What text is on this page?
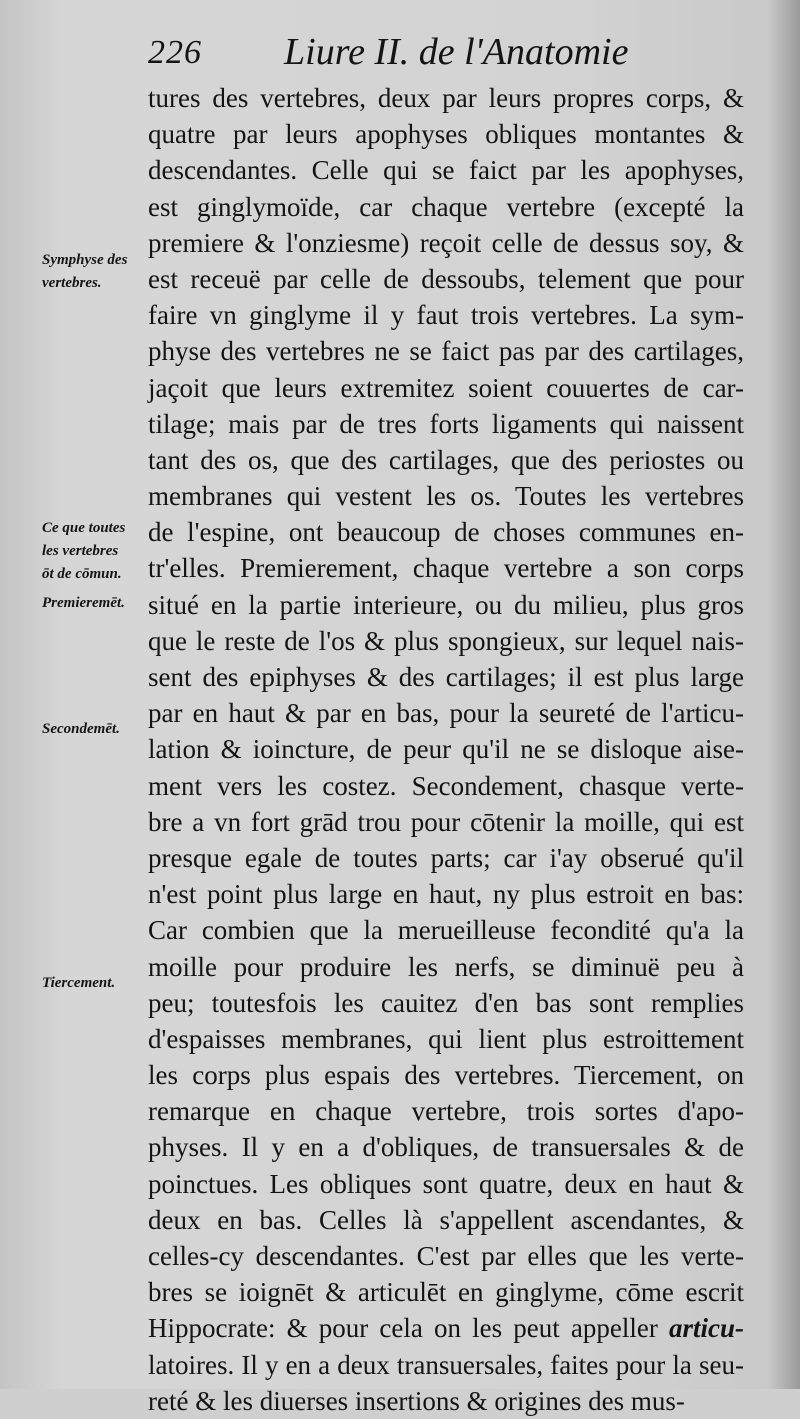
226 Liure II. de l'Anatomie
Symphyse des
vertebres.
Ce que toutes
les vertebres
ōt de cōmun.
Premieremēt.
Secondemēt.
Tiercement.
tures des vertebres, deux par leurs propres corps, &
quatre par leurs apophyses obliques montantes &
descendantes. Celle qui se faict par les apophyses,
est ginglymoïde, car chaque vertebre (excepté la
premiere & l'onziesme) reçoit celle de dessus soy, &
est receuë par celle de dessoubs, telement que pour
faire vn ginglyme il y faut trois vertebres. La sym-
physe des vertebres ne se faict pas par des cartilages,
jaçoit que leurs extremitez soient couuertes de car-
tilage; mais par de tres forts ligaments qui naissent
tant des os, que des cartilages, que des periostes ou
membranes qui vestent les os. Toutes les vertebres
de l'espine, ont beaucoup de choses communes en-
tr'elles. Premierement, chaque vertebre a son corps
situé en la partie interieure, ou du milieu, plus gros
que le reste de l'os & plus spongieux, sur lequel nais-
sent des epiphyses & des cartilages; il est plus large
par en haut & par en bas, pour la seureté de l'articu-
lation & ioincture, de peur qu'il ne se disloque aise-
ment vers les costez. Secondement, chasque verte-
bre a vn fort grād trou pour cōtenir la moille, qui est
presque egale de toutes parts; car i'ay obserué qu'il
n'est point plus large en haut, ny plus estroit en bas:
Car combien que la merueilleuse fecondité qu'a la
moille pour produire les nerfs, se diminuë peu à
peu; toutesfois les cauitez d'en bas sont remplies
d'espaisses membranes, qui lient plus estroittement
les corps plus espais des vertebres. Tiercement, on
remarque en chaque vertebre, trois sortes d'apo-
physes. Il y en a d'obliques, de transuersales & de
poinctues. Les obliques sont quatre, deux en haut &
deux en bas. Celles là s'appellent ascendantes, &
celles-cy descendantes. C'est par elles que les verte-
bres se ioignēt & articulēt en ginglyme, cōme escrit
Hippocrate: & pour cela on les peut appeller articu-
latoires. Il y en a deux transuersales, faites pour la seu-
reté & les diuerses insertions & origines des mus-
